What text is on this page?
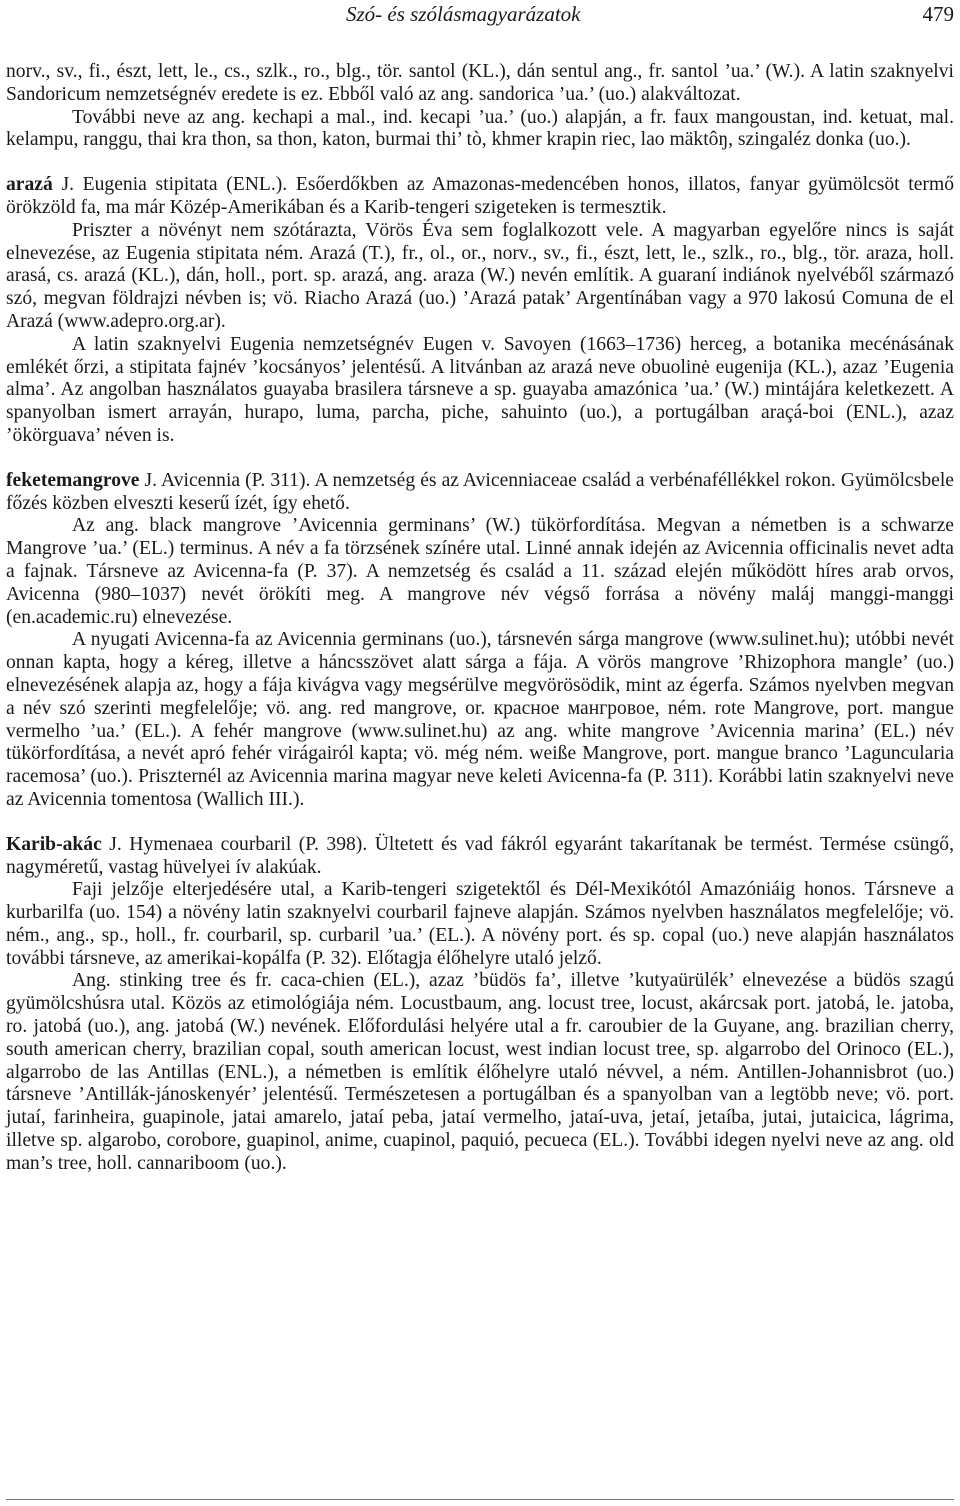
Szó- és szólásmagyarázatok	479

norv., sv., fi., észt, lett, le., cs., szlk., ro., blg., tör. santol (KL.), dán sentul ang., fr. santol ’ua.’ (W.). A latin szaknyelvi Sandoricum nemzetségnév eredete is ez. Ebből való az ang. sandorica ’ua.’ (uo.) alakváltozat.

További neve az ang. kechapi a mal., ind. kecapi ’ua.’ (uo.) alapján, a fr. faux mangoustan, ind. ketuat, mal. kelampu, ranggu, thai kra thon, sa thon, katon, burmai thi’ tò, khmer krapin riec, lao mäktôŋ, szingaléz donka (uo.).

arazá J. Eugenia stipitata (ENL.). Esőerdőkben az Amazonas-medencében honos, illatos, fanyar gyümölcsöt termő örökzöld fa, ma már Közép-Amerikában és a Karib-tengeri szigeteken is termesztik.

Priszter a növényt nem szótárazta, Vörös Éva sem foglalkozott vele. A magyarban egyelőre nincs is saját elnevezése, az Eugenia stipitata ném. Arazá (T.), fr., ol., or., norv., sv., fi., észt, lett, le., szlk., ro., blg., tör. araza, holl. arasá, cs. arazá (KL.), dán, holl., port. sp. arazá, ang. araza (W.) nevén említik. A guaraní indiánok nyelvéből származó szó, megvan földrajzi névben is; vö. Riacho Arazá (uo.) ’Arazá patak’ Argentínában vagy a 970 lakosú Comuna de el Arazá (www.adepro.org.ar).

A latin szaknyelvi Eugenia nemzetségnév Eugen v. Savoyen (1663–1736) herceg, a botanika mecénásának emlékét őrzi, a stipitata fajnév ’kocsányos’ jelentésű. A litvánban az arazá neve obuolinė eugenija (KL.), azaz ’Eugenia alma’. Az angolban használatos guayaba brasilera társneve a sp. guayaba amazónica ’ua.’ (W.) mintájára keletkezett. A spanyolban ismert arrayán, hurapo, luma, parcha, piche, sahuinto (uo.), a portugálban araçá-boi (ENL.), azaz ’ökörguava’ néven is.

feketemangrove J. Avicennia (P. 311). A nemzetség és az Avicenniaceae család a verbénaféllékkel rokon. Gyümölcsbele főzés közben elveszti keserű ízét, így ehető.

Az ang. black mangrove ’Avicennia germinans’ (W.) tükörfordítása. Megvan a németben is a schwarze Mangrove ’ua.’ (EL.) terminus. A név a fa törzsének színére utal. Linné annak idején az Avicennia officinalis nevet adta a fajnak. Társneve az Avicenna-fa (P. 37). A nemzetség és család a 11. század elején működött híres arab orvos, Avicenna (980–1037) nevét örökíti meg. A mangrove név végső forrása a növény maláj manggi-manggi (en.academic.ru) elnevezése.

A nyugati Avicenna-fa az Avicennia germinans (uo.), társnevén sárga mangrove (www.sulinet.hu); utóbbi nevét onnan kapta, hogy a kéreg, illetve a háncsszövet alatt sárga a fája. A vörös mangrove ’Rhizophora mangle’ (uo.) elnevezésének alapja az, hogy a fája kivágva vagy megsérülve megvörösödik, mint az égerfa. Számos nyelvben megvan a név szó szerinti megfelelője; vö. ang. red mangrove, or. красное мангровое, ném. rote Mangrove, port. mangue vermelho ’ua.’ (EL.). A fehér mangrove (www.sulinet.hu) az ang. white mangrove ’Avicennia marina’ (EL.) név tükörfordítása, a nevét apró fehér virágairól kapta; vö. még ném. weiße Mangrove, port. mangue branco ’Laguncularia racemosa’ (uo.). Priszternél az Avicennia marina magyar neve keleti Avicenna-fa (P. 311). Korábbi latin szaknyelvi neve az Avicennia tomentosa (Wallich III.).

Karib-akác J. Hymenaea courbaril (P. 398). Ültetett és vad fákról egyaránt takarítanak be termést. Termése csüngő, nagyméretű, vastag hüvelyei ív alakúak.

Faji jelzője elterjedésére utal, a Karib-tengeri szigetektől és Dél-Mexikótól Amazóniáig honos. Társneve a kurbarilfa (uo. 154) a növény latin szaknyelvi courbaril fajneve alapján. Számos nyelvben használatos megfelelője; vö. ném., ang., sp., holl., fr. courbaril, sp. curbaril ’ua.’ (EL.). A növény port. és sp. copal (uo.) neve alapján használatos további társneve, az amerikai-kopálfa (P. 32). Előtagja élőhelyre utaló jelző.

Ang. stinking tree és fr. caca-chien (EL.), azaz ’büdös fa’, illetve ’kutyaürülék’ elnevezése a büdös szagú gyümölcshúsra utal. Közös az etimológiája ném. Locustbaum, ang. locust tree, locust, akárcsak port. jatobá, le. jatoba, ro. jatobá (uo.), ang. jatobá (W.) nevének. Előfordulási helyére utal a fr. caroubier de la Guyane, ang. brazilian cherry, south american cherry, brazilian copal, south american locust, west indian locust tree, sp. algarrobo del Orinoco (EL.), algarrobo de las Antillas (ENL.), a németben is említik élőhelyre utaló névvel, a ném. Antillen-Johannisbrot (uo.) társneve ’Antillák-jánoskenyér’ jelentésű. Természetesen a portugálban és a spanyolban van a legtöbb neve; vö. port. jutaí, farinheira, guapinole, jatai amarelo, jataí peba, jataí vermelho, jataí-uva, jetaí, jetaíba, jutai, jutaicica, lágrima, illetve sp. algarobo, corobore, guapinol, anime, cuapinol, paquió, pecueca (EL.). További idegen nyelvi neve az ang. old man’s tree, holl. cannariboom (uo.).
